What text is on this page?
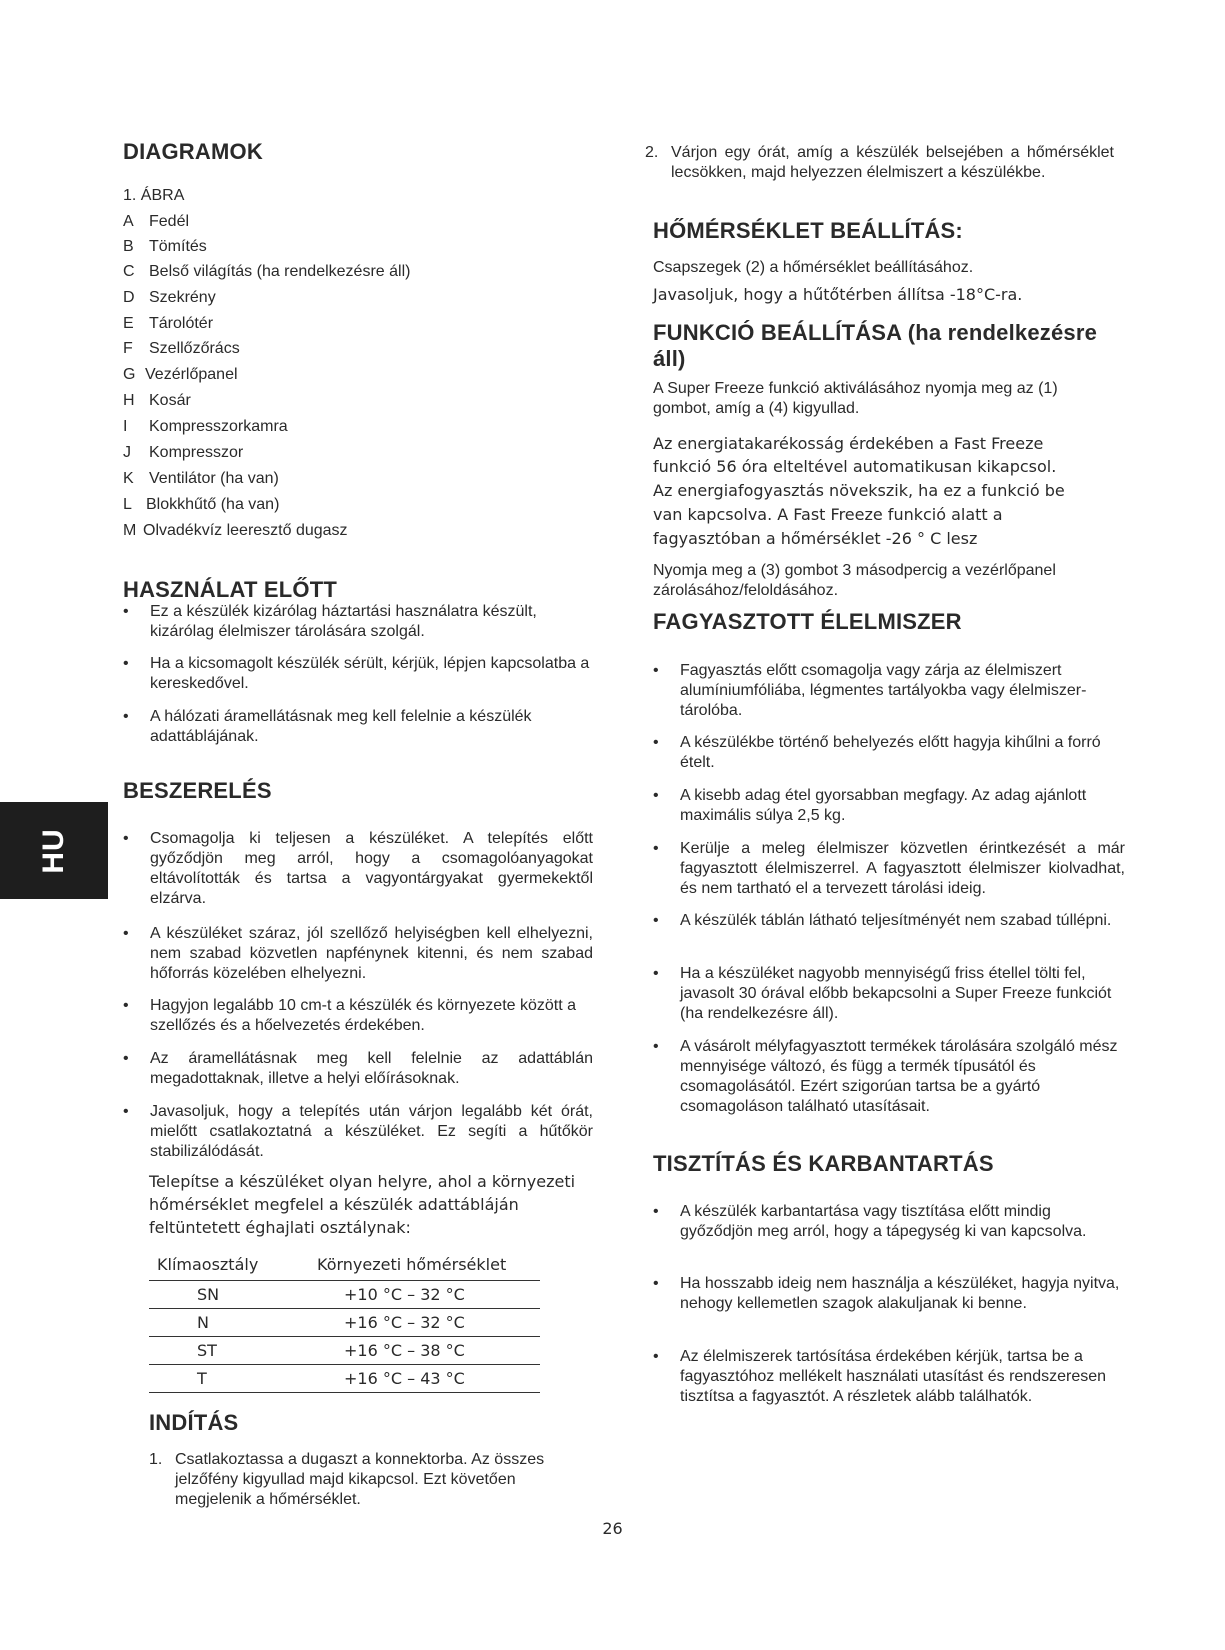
HU
DIAGRAMOK
1. ÁBRA
A Fedél
B Tömítés
C Belső világítás (ha rendelkezésre áll)
D Szekrény
E Tárolótér
F Szellőzőrács
G Vezérlőpanel
H Kosár
I Kompresszorkamra
J Kompresszor
K Ventilátor (ha van)
L Blokkhűtő (ha van)
M Olvadékvíz leeresztő dugasz
HASZNÁLAT ELŐTT
•	Ez a készülék kizárólag háztartási használatra készült, kizárólag élelmiszer tárolására szolgál.
•	Ha a kicsomagolt készülék sérült, kérjük, lépjen kapcsolatba a kereskedővel.
•	A hálózati áramellátásnak meg kell felelnie a készülék adattáblájának.
BESZERELÉS
•	Csomagolja ki teljesen a készüléket. A telepítés előtt győződjön meg arról, hogy a csomagolóanyagokat eltávolították és tartsa a vagyontárgyakat gyermekektől elzárva.
•	A készüléket száraz, jól szellőző helyiségben kell elhelyezni, nem szabad közvetlen napfénynek kitenni, és nem szabad hőforrás közelében elhelyezni.
•	Hagyjon legalább 10 cm-t a készülék és környezete között a szellőzés és a hőelvezetés érdekében.
•	Az áramellátásnak meg kell felelnie az adattáblán megadottaknak, illetve a helyi előírásoknak.
•	Javasoljuk, hogy a telepítés után várjon legalább két órát, mielőtt csatlakoztatná a készüléket. Ez segíti a hűtőkör stabilizálódását.
Telepítse a készüléket olyan helyre, ahol a környezeti hőmérséklet megfelel a készülék adattábláján feltüntetett éghajlati osztálynak:
Klímaosztály	Környezeti hőmérséklet
SN	+10 °C – 32 °C
N	+16 °C – 32 °C
ST	+16 °C – 38 °C
T	+16 °C – 43 °C
INDÍTÁS
1. Csatlakoztassa a dugaszt a konnektorba. Az összes jelzőfény kigyullad majd kikapcsol. Ezt követően megjelenik a hőmérséklet.
2. Várjon egy órát, amíg a készülék belsejében a hőmérséklet lecsökken, majd helyezzen élelmiszert a készülékbe.
HŐMÉRSÉKLET BEÁLLÍTÁS:
Csapszegek (2) a hőmérséklet beállításához.
Javasoljuk, hogy a hűtőtérben állítsa -18°C-ra.
FUNKCIÓ BEÁLLÍTÁSA (ha rendelkezésre
áll)
A Super Freeze funkció aktiválásához nyomja meg az (1) gombot, amíg a (4) kigyullad.
Az energiatakarékosság érdekében a Fast Freeze
funkció 56 óra elteltével automatikusan kikapcsol.
Az energiafogyasztás növekszik, ha ez a funkció be
van kapcsolva. A Fast Freeze funkció alatt a
fagyasztóban a hőmérséklet -26 ° C lesz
Nyomja meg a (3) gombot 3 másodpercig a vezérlőpanel zárolásához/feloldásához.
FAGYASZTOTT ÉLELMISZER
•	Fagyasztás előtt csomagolja vagy zárja az élelmiszert alumíniumfóliába, légmentes tartályokba vagy élelmiszer-tárolóba.
•	A készülékbe történő behelyezés előtt hagyja kihűlni a forró ételt.
•	A kisebb adag étel gyorsabban megfagy. Az adag ajánlott maximális súlya 2,5 kg.
•	Kerülje a meleg élelmiszer közvetlen érintkezését a már fagyasztott élelmiszerrel. A fagyasztott élelmiszer kiolvadhat, és nem tartható el a tervezett tárolási ideig.
•	A készülék táblán látható teljesítményét nem szabad túllépni.
•	Ha a készüléket nagyobb mennyiségű friss étellel tölti fel, javasolt 30 órával előbb bekapcsolni a Super Freeze funkciót (ha rendelkezésre áll).
•	A vásárolt mélyfagyasztott termékek tárolására szolgáló mész mennyisége változó, és függ a termék típusától és csomagolásától. Ezért szigorúan tartsa be a gyártó csomagoláson található utasításait.
TISZTÍTÁS ÉS KARBANTARTÁS
•	A készülék karbantartása vagy tisztítása előtt mindig győződjön meg arról, hogy a tápegység ki van kapcsolva.
•	Ha hosszabb ideig nem használja a készüléket, hagyja nyitva, nehogy kellemetlen szagok alakuljanak ki benne.
•	Az élelmiszerek tartósítása érdekében kérjük, tartsa be a fagyasztóhoz mellékelt használati utasítást és rendszeresen tisztítsa a fagyasztót. A részletek alább találhatók.
26
